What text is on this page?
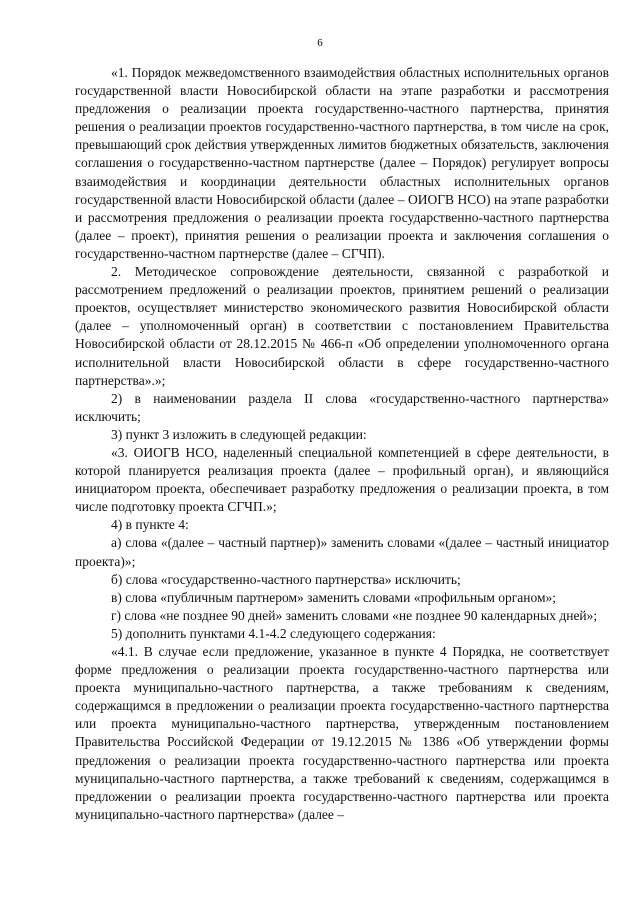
6

«1. Порядок межведомственного взаимодействия областных исполнительных органов государственной власти Новосибирской области на этапе разработки и рассмотрения предложения о реализации проекта государственно-частного партнерства, принятия решения о реализации проектов государственно-частного партнерства, в том числе на срок, превышающий срок действия утвержденных лимитов бюджетных обязательств, заключения соглашения о государственно-частном партнерстве (далее – Порядок) регулирует вопросы взаимодействия и координации деятельности областных исполнительных органов государственной власти Новосибирской области (далее – ОИОГВ НСО) на этапе разработки и рассмотрения предложения о реализации проекта государственно-частного партнерства (далее – проект), принятия решения о реализации проекта и заключения соглашения о государственно-частном партнерстве (далее – СГЧП).

2. Методическое сопровождение деятельности, связанной с разработкой и рассмотрением предложений о реализации проектов, принятием решений о реализации проектов, осуществляет министерство экономического развития Новосибирской области (далее – уполномоченный орган) в соответствии с постановлением Правительства Новосибирской области от 28.12.2015 № 466-п «Об определении уполномоченного органа исполнительной власти Новосибирской области в сфере государственно-частного партнерства».»;

2) в наименовании раздела II слова «государственно-частного партнерства» исключить;

3) пункт 3 изложить в следующей редакции:

«3. ОИОГВ НСО, наделенный специальной компетенцией в сфере деятельности, в которой планируется реализация проекта (далее – профильный орган), и являющийся инициатором проекта, обеспечивает разработку предложения о реализации проекта, в том числе подготовку проекта СГЧП.»;

4) в пункте 4:

а) слова «(далее – частный партнер)» заменить словами «(далее – частный инициатор проекта)»;

б) слова «государственно-частного партнерства» исключить;

в) слова «публичным партнером» заменить словами «профильным органом»;

г) слова «не позднее 90 дней» заменить словами «не позднее 90 календарных дней»;

5) дополнить пунктами 4.1-4.2 следующего содержания:

«4.1. В случае если предложение, указанное в пункте 4 Порядка, не соответствует форме предложения о реализации проекта государственно-частного партнерства или проекта муниципально-частного партнерства, а также требованиям к сведениям, содержащимся в предложении о реализации проекта государственно-частного партнерства или проекта муниципально-частного партнерства, утвержденным постановлением Правительства Российской Федерации от 19.12.2015 № 1386 «Об утверждении формы предложения о реализации проекта государственно-частного партнерства или проекта муниципально-частного партнерства, а также требований к сведениям, содержащимся в предложении о реализации проекта государственно-частного партнерства или проекта муниципально-частного партнерства» (далее –
